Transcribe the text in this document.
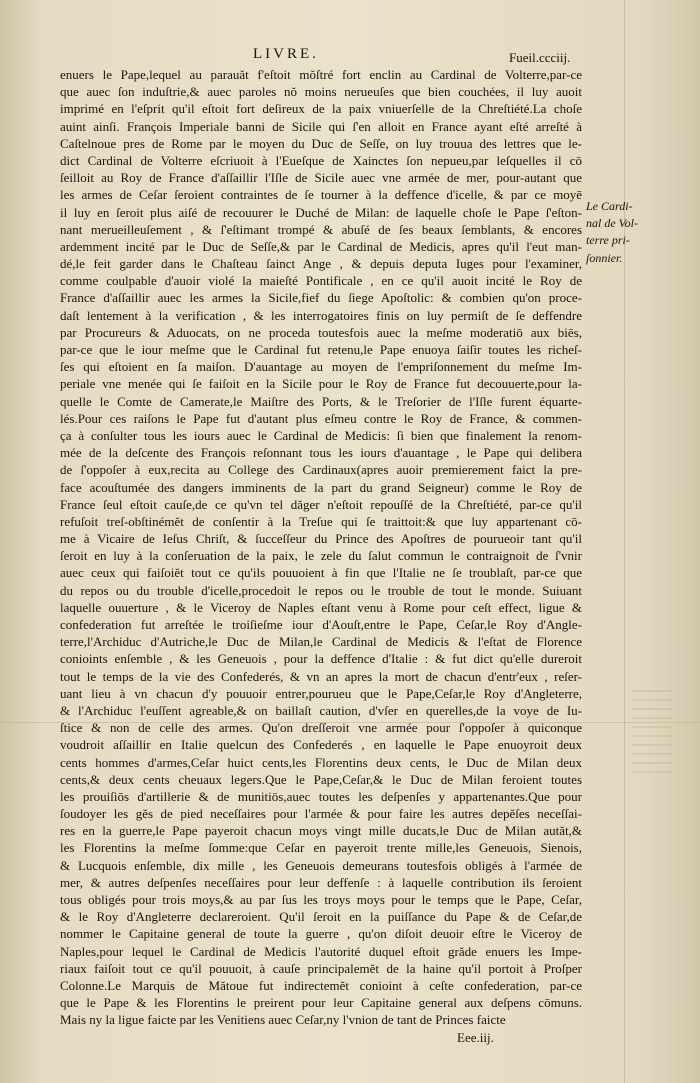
LIVRE.	Fueil.ccciij.
enuers le Pape,lequel au parauăt f'eſtoit mŏſtré fort enclin au Cardinal de Volterre,par-ce
que auec ſon induſtrie,& auec paroles nŏ moins nerueuſes que bien couchées, il luy auoit
imprimé en l'eſprit qu'il eſtoit fort deſireux de la paix vniuerſelle de la Chreſtiété.La choſe
auint ainſi. François Imperiale banni de Sicile qui ſ'en alloit en France ayant eſté arreſté à
Caſtelnoue pres de Rome par le moyen du Duc de Seſſe, on luy trouua des lettres que le-
dict Cardinal de Volterre eſcriuoit à l'Eueſque de Xainctes ſon nepueu,par leſquelles il cō
ſeilloit au Roy de France d'aſſaillir l'Iſle de Sicile auec vne armée de mer, pour-autant que
les armes de Ceſar ſeroient contraintes de ſe tourner à la deffence d'icelle, & par ce moyē
il luy en ſeroit plus aiſé de recouurer le Duché de Milan: de laquelle choſe le Pape ſ'eſton-
nant merueilleuſement , & ſ'eſtimant trompé & abuſé de ſes beaux ſemblants, & encores
ardemment incité par le Duc de Seſſe,& par le Cardinal de Medicis, apres qu'il l'eut man-
dé,le feit garder dans le Chaſteau ſainct Ange , & depuis deputa Iuges pour l'examiner,
comme coulpable d'auoir violé la maieſté Pontificale , en ce qu'il auoit incité le Roy de
France d'aſſaillir auec les armes la Sicile,fief du ſiege Apoſtolic: & combien qu'on proce-
daſt lentement à la verification , & les interrogatoires finis on luy permiſt de ſe deffendre
par Procureurs & Aduocats, on ne proceda toutesfois auec la meſme moderatiō aux biēs,
par-ce que le iour meſme que le Cardinal fut retenu,le Pape enuoya ſaiſir toutes les richeſ-
ſes qui eſtoient en ſa maiſon. D'auantage au moyen de l'empriſonnement du meſme Im-
periale vne menée qui ſe faiſoit en la Sicile pour le Roy de France fut decouuerte,pour la-
quelle le Comte de Camerate,le Maiſtre des Ports, & le Treſorier de l'Iſle furent équarte-
lés.Pour ces raiſons le Pape fut d'autant plus eſmeu contre le Roy de France, & commen-
ça à conſulter tous les iours auec le Cardinal de Medicis: ſi bien que finalement la renom-
mée de la deſcente des François reſonnant tous les iours d'auantage , le Pape qui delibera
de ſ'oppoſer à eux,recita au College des Cardinaux(apres auoir premierement faict la pre-
face acouſtumée des dangers imminents de la part du grand Seigneur) comme le Roy de
France ſeul eſtoit cauſe,de ce qu'vn tel dăger n'eſtoit repouſſé de la Chreſtiété, par-ce qu'il
refuſoit treſ-obſtinémĕt de conſentir à la Treſue qui ſe traittoit:& que luy appartenant cō-
me à Vicaire de Ieſus Chriſt, & ſucceſſeur du Prince des Apoſtres de pourueoir tant qu'il
ſeroit en luy à la conſeruation de la paix, le zele du ſalut commun le contraignoit de ſ'vnir
auec ceux qui faiſoiĕt tout ce qu'ils pouuoient à fin que l'Italie ne ſe troublaſt, par-ce que
du repos ou du trouble d'icelle,procedoit le repos ou le trouble de tout le monde. Suiuant
laquelle ouuerture , & le Viceroy de Naples eſtant venu à Rome pour ceſt effect, ligue &
confederation fut arreſtée le troiſieſme iour d'Aouſt,entre le Pape, Ceſar,le Roy d'Angle-
terre,l'Archiduc d'Autriche,le Duc de Milan,le Cardinal de Medicis & l'eſtat de Florence
conioints enſemble , & les Geneuois , pour la deffence d'Italie : & fut dict qu'elle dureroit
tout le temps de la vie des Confederés, & vn an apres la mort de chacun d'entr'eux , reſer-
uant lieu à vn chacun d'y pouuoir entrer,pourueu que le Pape,Ceſar,le Roy d'Angleterre,
& l'Archiduc l'euſſent agreable,& on baillaſt caution, d'vſer en querelles,de la voye de Iu-
ſtice & non de celle des armes. Qu'on dreſſeroit vne armée pour ſ'oppoſer à quiconque
voudroit aſſaillir en Italie quelcun des Confederés , en laquelle le Pape enuoyroit deux
cents hommes d'armes,Ceſar huict cents,les Florentins deux cents, le Duc de Milan deux
cents,& deux cents cheuaux legers.Que le Pape,Ceſar,& le Duc de Milan feroient toutes
les prouiſiōs d'artillerie & de munitiōs,auec toutes les deſpenſes y appartenantes.Que pour
ſoudoyer les gĕs de pied neceſſaires pour l'armée & pour faire les autres depĕſes neceſſai-
res en la guerre,le Pape payeroit chacun moys vingt mille ducats,le Duc de Milan autăt,&
les Florentins la meſme ſomme:que Ceſar en payeroit trente mille,les Geneuois, Sienois,
& Lucquois enſemble, dix mille , les Geneuois demeurans toutesfois obligés à l'armée de
mer, & autres deſpenſes neceſſaires pour leur deffenſe : à laquelle contribution ils ſeroient
tous obligés pour trois moys,& au par ſus les troys moys pour le temps que le Pape, Ceſar,
& le Roy d'Angleterre declareroient. Qu'il ſeroit en la puiſſance du Pape & de Ceſar,de
nommer le Capitaine general de toute la guerre , qu'on diſoit deuoir eſtre le Viceroy de
Naples,pour lequel le Cardinal de Medicis l'autorité duquel eſtoit grăde enuers les Impe-
riaux faiſoit tout ce qu'il pouuoit, à cauſe principalemĕt de la haine qu'il portoit à Proſper
Colonne.Le Marquis de Mătoue fut indirectemĕt conioint à ceſte confederation, par-ce
que le Pape & les Florentins le preirent pour leur Capitaine general aux deſpens cōmuns.
Mais ny la ligue faicte par les Venitiens auec Ceſar,ny l'vnion de tant de Princes faicte
Le Cardi-
nal de Vol-
terre pri-
ſonnier.
Eee.iij.
